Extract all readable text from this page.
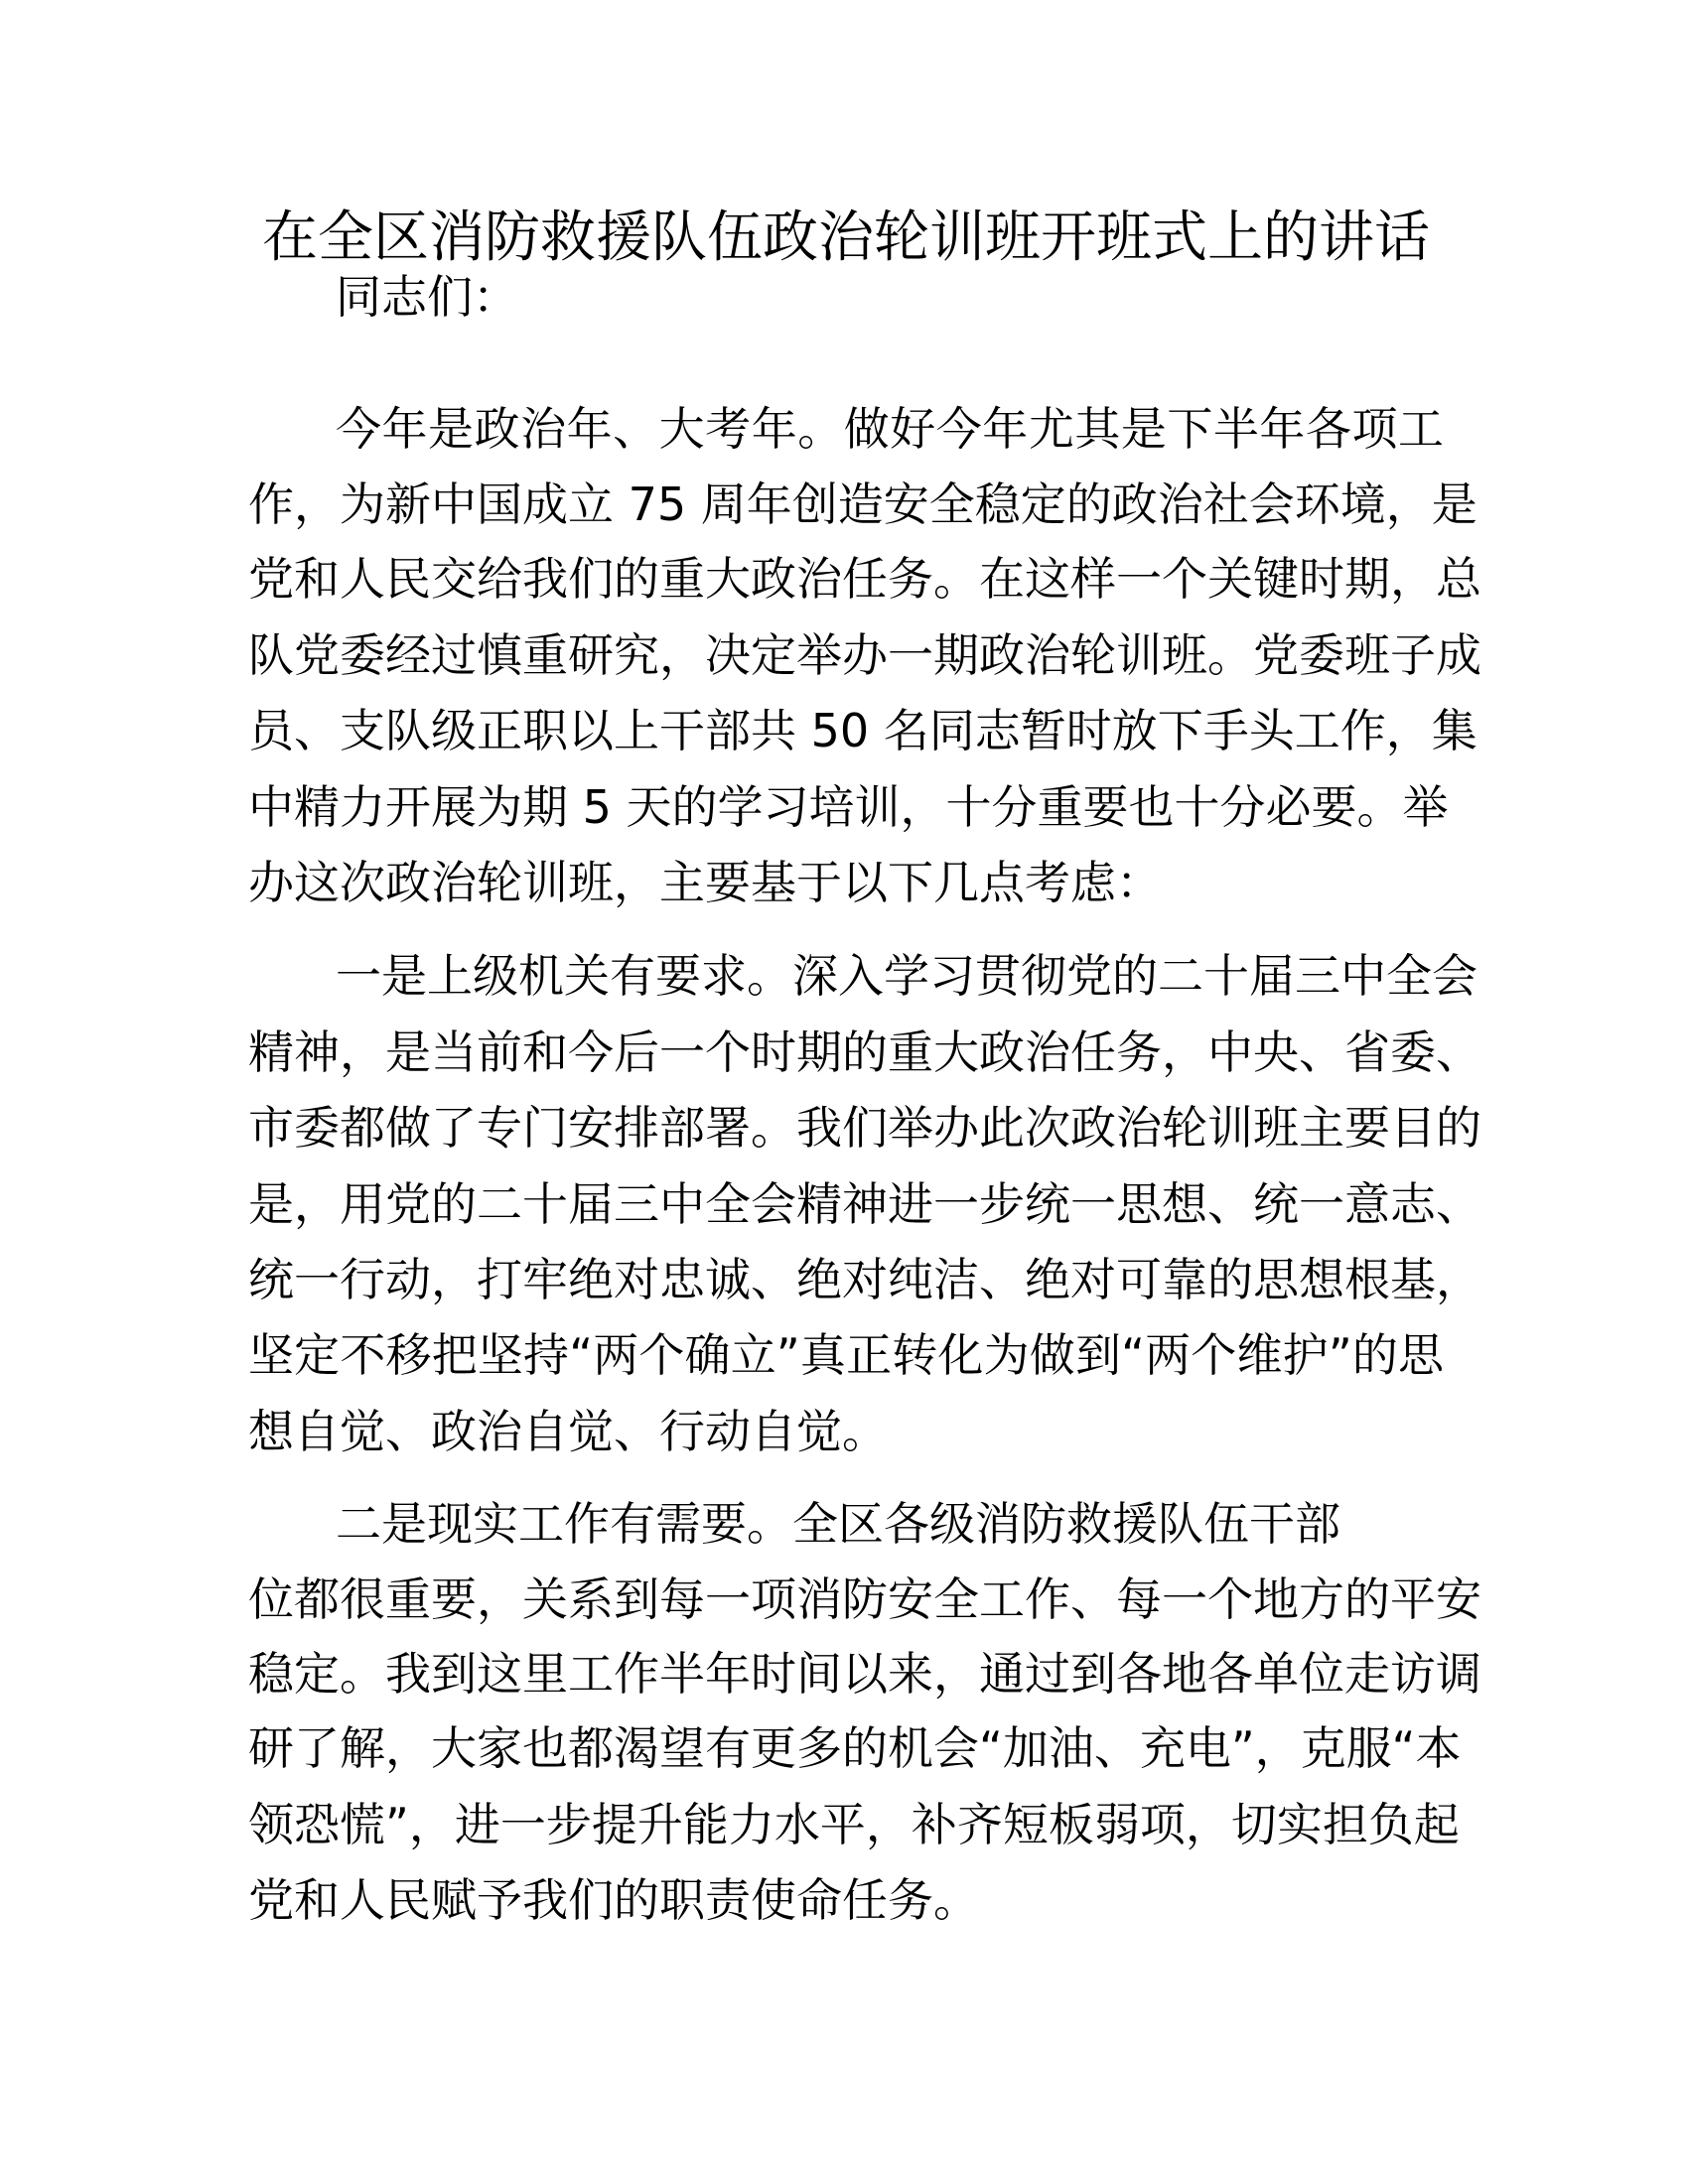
在全区消防救援队伍政治轮训班开班式上的讲话
同志们：
今年是政治年、大考年。做好今年尤其是下半年各项工
作，为新中国成立 75 周年创造安全稳定的政治社会环境，是
党和人民交给我们的重大政治任务。在这样一个关键时期，总
队党委经过慎重研究，决定举办一期政治轮训班。党委班子成
员、支队级正职以上干部共 50 名同志暂时放下手头工作，集
中精力开展为期 5 天的学习培训，十分重要也十分必要。举
办这次政治轮训班，主要基于以下几点考虑：
一是上级机关有要求。深入学习贯彻党的二十届三中全会
精神，是当前和今后一个时期的重大政治任务，中央、省委、
市委都做了专门安排部署。我们举办此次政治轮训班主要目的
是，用党的二十届三中全会精神进一步统一思想、统一意志、
统一行动，打牢绝对忠诚、绝对纯洁、绝对可靠的思想根基，
坚定不移把坚持“两个确立”真正转化为做到“两个维护”的思
想自觉、政治自觉、行动自觉。
二是现实工作有需要。全区各级消防救援队伍干部
位都很重要，关系到每一项消防安全工作、每一个地方的平安
稳定。我到这里工作半年时间以来，通过到各地各单位走访调
研了解，大家也都渴望有更多的机会“加油、充电”，克服“本
领恐慌”，进一步提升能力水平，补齐短板弱项，切实担负起
党和人民赋予我们的职责使命任务。
